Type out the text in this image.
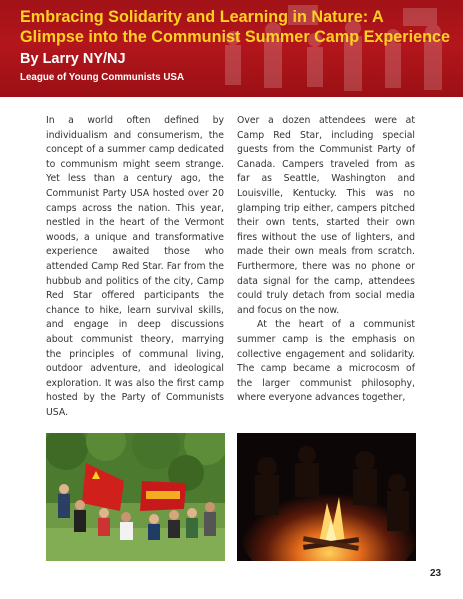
Embracing Solidarity and Learning in Nature: A Glimpse into the Communist Summer Camp Experience
By Larry NY/NJ
League of Young Communists USA

In a world often defined by individualism and consumerism, the concept of a summer camp dedicated to communism might seem strange. Yet less than a century ago, the Communist Party USA hosted over 20 camps across the nation. This year, nestled in the heart of the Vermont woods, a unique and transformative experience awaited those who attended Camp Red Star. Far from the hubbub and politics of the city, Camp Red Star offered participants the chance to hike, learn survival skills, and engage in deep discussions about communist theory, marrying the principles of communal living, outdoor adventure, and ideological exploration. It was also the first camp hosted by the Party of Communists USA.

Over a dozen attendees were at Camp Red Star, including special guests from the Communist Party of Canada. Campers traveled from as far as Seattle, Washington and Louisville, Kentucky. This was no glamping trip either, campers pitched their own tents, started their own fires without the use of lighters, and made their own meals from scratch. Furthermore, there was no phone or data signal for the camp, attendees could truly detach from social media and focus on the now.

At the heart of a communist summer camp is the emphasis on collective engagement and solidarity. The camp became a microcosm of the larger communist philosophy, where everyone advances together,

23
